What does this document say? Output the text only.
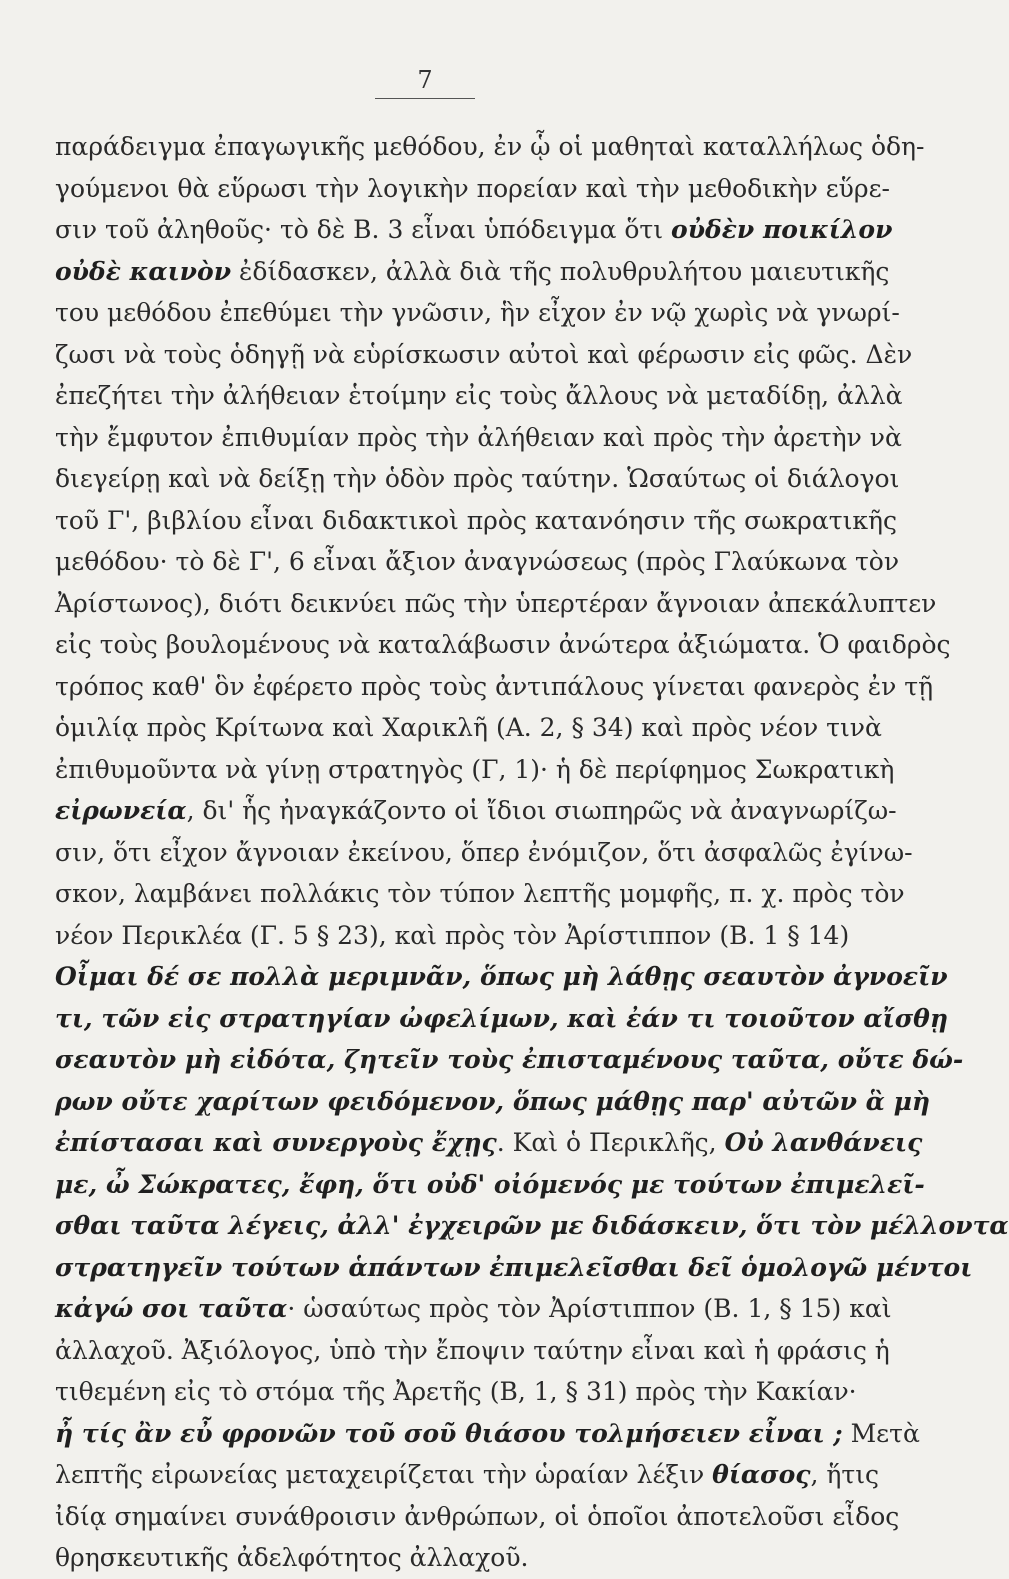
7
παράδειγμα ἐπαγωγικῆς μεθόδου, ἐν ᾧ οἱ μαθηταὶ καταλλήλως ὁδη-
γούμενοι θὰ εὕρωσι τὴν λογικὴν πορείαν καὶ τὴν μεθοδικὴν εὕρε-
σιν τοῦ ἀληθοῦς· τὸ δὲ Β. 3 εἶναι ὑπόδειγμα ὅτι οὐδὲν ποικίλον
οὐδὲ καινὸν ἐδίδασκεν, ἀλλὰ διὰ τῆς πολυθρυλήτου μαιευτικῆς
του μεθόδου ἐπεθύμει τὴν γνῶσιν, ἣν εἶχον ἐν νῷ χωρὶς νὰ γνωρί-
ζωσι νὰ τοὺς ὁδηγῇ νὰ εὑρίσκωσιν αὐτοὶ καὶ φέρωσιν εἰς φῶς. Δὲν
ἐπεζήτει τὴν ἀλήθειαν ἑτοίμην εἰς τοὺς ἄλλους νὰ μεταδίδῃ, ἀλλὰ
τὴν ἔμφυτον ἐπιθυμίαν πρὸς τὴν ἀλήθειαν καὶ πρὸς τὴν ἀρετὴν νὰ
διεγείρῃ καὶ νὰ δείξῃ τὴν ὁδὸν πρὸς ταύτην. Ὡσαύτως οἱ διάλογοι
τοῦ Γ', βιβλίου εἶναι διδακτικοὶ πρὸς κατανόησιν τῆς σωκρατικῆς
μεθόδου· τὸ δὲ Γ', 6 εἶναι ἄξιον ἀναγνώσεως (πρὸς Γλαύκωνα τὸν
Ἀρίστωνος), διότι δεικνύει πῶς τὴν ὑπερτέραν ἄγνοιαν ἀπεκάλυπτεν
εἰς τοὺς βουλομένους νὰ καταλάβωσιν ἀνώτερα ἀξιώματα. Ὁ φαιδρὸς
τρόπος καθ' ὃν ἐφέρετο πρὸς τοὺς ἀντιπάλους γίνεται φανερὸς ἐν τῇ
ὁμιλίᾳ πρὸς Κρίτωνα καὶ Χαρικλῆ (Α. 2, § 34) καὶ πρὸς νέον τινὰ
ἐπιθυμοῦντα νὰ γίνῃ στρατηγὸς (Γ, 1)· ἡ δὲ περίφημος Σωκρατικὴ
εἰρωνεία, δι' ἧς ἠναγκάζοντο οἱ ἴδιοι σιωπηρῶς νὰ ἀναγνωρίζω-
σιν, ὅτι εἶχον ἄγνοιαν ἐκείνου, ὅπερ ἐνόμιζον, ὅτι ἀσφαλῶς ἐγίνω-
σκον, λαμβάνει πολλάκις τὸν τύπον λεπτῆς μομφῆς, π. χ. πρὸς τὸν
νέον Περικλέα (Γ. 5 § 23), καὶ πρὸς τὸν Ἀρίστιππον (Β. 1 § 14)
Οἶμαι δέ σε πολλὰ μεριμνᾶν, ὅπως μὴ λάθῃς σεαυτὸν ἀγνοεῖν
τι, τῶν εἰς στρατηγίαν ὠφελίμων, καὶ ἐάν τι τοιοῦτον αἴσθῃ
σεαυτὸν μὴ εἰδότα, ζητεῖν τοὺς ἐπισταμένους ταῦτα, οὔτε δώ-
ρων οὔτε χαρίτων φειδόμενον, ὅπως μάθῃς παρ' αὐτῶν ἃ μὴ
ἐπίστασαι καὶ συνεργοὺς ἔχῃς. Καὶ ὁ Περικλῆς, Οὐ λανθάνεις
με, ὦ Σώκρατες, ἔφη, ὅτι οὐδ' οἰόμενός με τούτων ἐπιμελεῖ-
σθαι ταῦτα λέγεις, ἀλλ' ἐγχειρῶν με διδάσκειν, ὅτι τὸν μέλλοντα
στρατηγεῖν τούτων ἁπάντων ἐπιμελεῖσθαι δεῖ ὁμολογῶ μέντοι
κἀγώ σοι ταῦτα· ὡσαύτως πρὸς τὸν Ἀρίστιππον (Β. 1, § 15) καὶ
ἀλλαχοῦ. Ἀξιόλογος, ὑπὸ τὴν ἔποψιν ταύτην εἶναι καὶ ἡ φράσις ἡ
τιθεμένη εἰς τὸ στόμα τῆς Ἀρετῆς (Β, 1, § 31) πρὸς τὴν Κακίαν·
ἦ τίς ἂν εὖ φρονῶν τοῦ σοῦ θιάσου τολμήσειεν εἶναι ; Μετὰ
λεπτῆς εἰρωνείας μεταχειρίζεται τὴν ὡραίαν λέξιν θίασος, ἥτις
ἰδίᾳ σημαίνει συνάθροισιν ἀνθρώπων, οἱ ὁποῖοι ἀποτελοῦσι εἶδος
θρησκευτικῆς ἀδελφότητος ἀλλαχοῦ.
